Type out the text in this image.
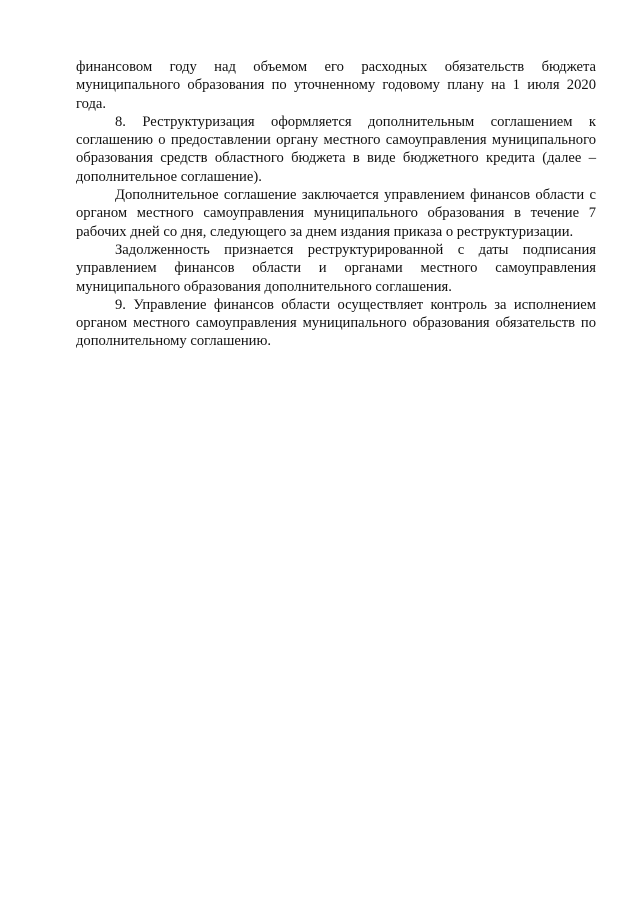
финансовом году над объемом его расходных обязательств бюджета муниципального образования по уточненному годовому плану на 1 июля 2020 года.

8. Реструктуризация оформляется дополнительным соглашением к соглашению о предоставлении органу местного самоуправления муниципального образования средств областного бюджета в виде бюджетного кредита (далее – дополнительное соглашение).

Дополнительное соглашение заключается управлением финансов области с органом местного самоуправления муниципального образования в течение 7 рабочих дней со дня, следующего за днем издания приказа о реструктуризации.

Задолженность признается реструктурированной с даты подписания управлением финансов области и органами местного самоуправления муниципального образования дополнительного соглашения.

9. Управление финансов области осуществляет контроль за исполнением органом местного самоуправления муниципального образования обязательств по дополнительному соглашению.
